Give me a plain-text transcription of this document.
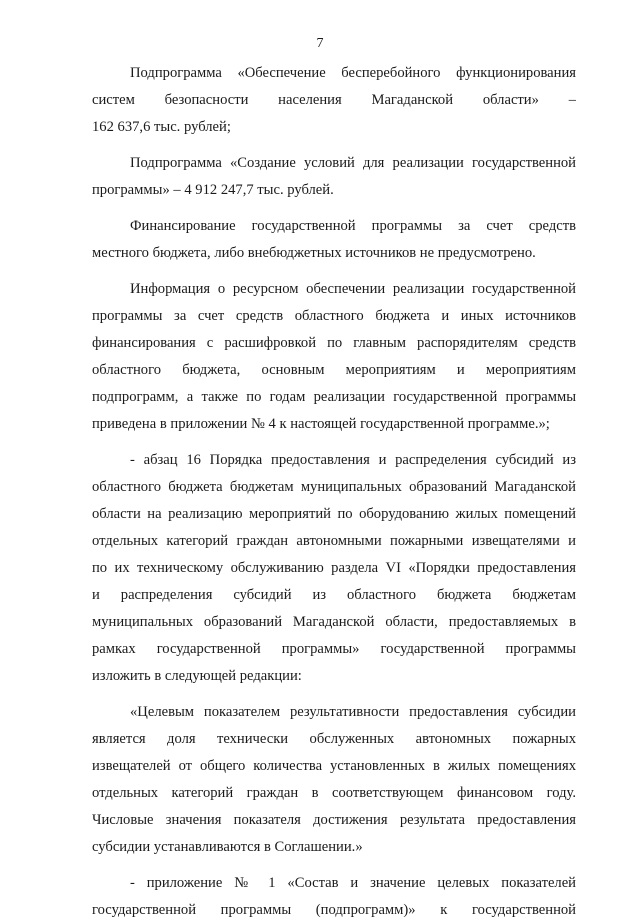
7
Подпрограмма «Обеспечение бесперебойного функционирования
систем безопасности населения Магаданской области» –
162 637,6 тыс. рублей;
Подпрограмма «Создание условий для реализации государственной
программы» – 4 912 247,7 тыс. рублей.
Финансирование государственной программы за счет средств
местного бюджета, либо внебюджетных источников не предусмотрено.
Информация о ресурсном обеспечении реализации государственной
программы за счет средств областного бюджета и иных источников
финансирования с расшифровкой по главным распорядителям средств
областного бюджета, основным мероприятиям и мероприятиям
подпрограмм, а также по годам реализации государственной программы
приведена в приложении № 4 к настоящей государственной программе.»;
- абзац 16 Порядка предоставления и распределения субсидий из
областного бюджета бюджетам муниципальных образований Магаданской
области на реализацию мероприятий по оборудованию жилых помещений
отдельных категорий граждан автономными пожарными извещателями и
по их техническому обслуживанию раздела VI «Порядки предоставления
и распределения субсидий из областного бюджета бюджетам
муниципальных образований Магаданской области, предоставляемых в
рамках государственной программы» государственной программы
изложить в следующей редакции:
«Целевым показателем результативности предоставления субсидии
является доля технически обслуженных автономных пожарных
извещателей от общего количества установленных в жилых помещениях
отдельных категорий граждан в соответствующем финансовом году.
Числовые значения показателя достижения результата предоставления
субсидии устанавливаются в Соглашении.»
- приложение № 1 «Состав и значение целевых показателей
государственной программы (подпрограмм)» к государственной
